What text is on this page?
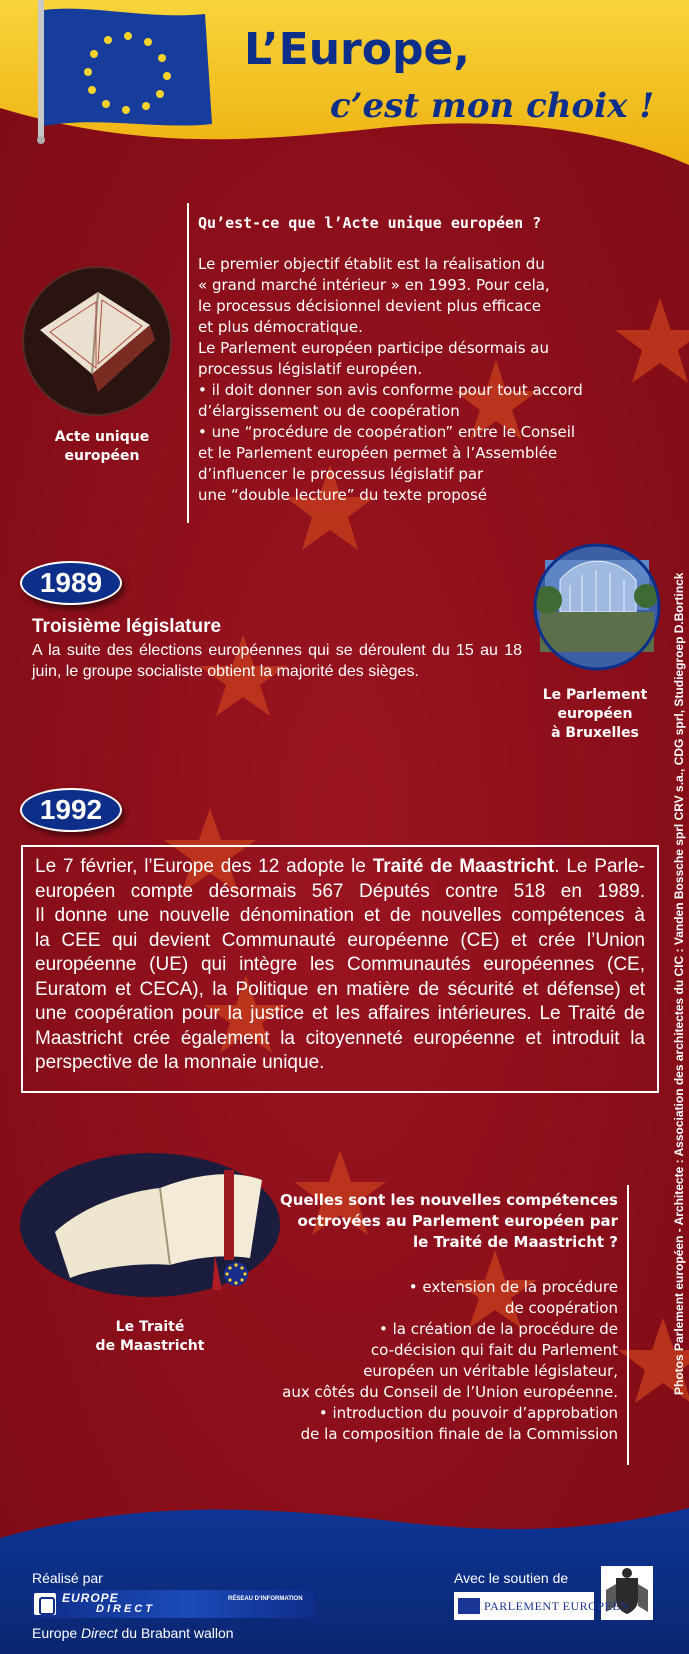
L’Europe,
c’est mon choix !
Qu’est-ce que l’Acte unique européen ?
Le premier objectif établit est la réalisation du
« grand marché intérieur » en 1993. Pour cela,
le processus décisionnel devient plus efficace
et plus démocratique.
Le Parlement européen participe désormais au
processus législatif européen.
• il doit donner son avis conforme pour tout accord
d’élargissement ou de coopération
• une “procédure de coopération” entre le Conseil
et le Parlement européen permet à l’Assemblée
d’influencer le processus législatif par
une “double lecture” du texte proposé
Acte unique
européen
1989
Troisième législature
A la suite des élections européennes qui se déroulent du 15 au 18 juin, le groupe socialiste obtient la majorité des sièges.
Le Parlement
européen
à Bruxelles
1992
Le 7 février, l’Europe des 12 adopte le Traité de Maastricht. Le Parle-
européen compte désormais 567 Députés contre 518 en 1989.
Il donne une nouvelle dénomination et de nouvelles compétences à
la CEE qui devient Communauté européenne (CE) et crée l’Union
européenne (UE) qui intègre les Communautés européennes (CE,
Euratom et CECA), la Politique en matière de sécurité et défense) et
une coopération pour la justice et les affaires intérieures. Le Traité de
Maastricht crée également la citoyenneté européenne et introduit la
perspective de la monnaie unique.
Quelles sont les nouvelles compétences
octroyées au Parlement européen par
le Traité de Maastricht ?
• extension de la procédure
de coopération
• la création de la procédure de
co-décision qui fait du Parlement
européen un véritable législateur,
aux côtés du Conseil de l’Union européenne.
• introduction du pouvoir d’approbation
de la composition finale de la Commission
Le Traité
de Maastricht	Photos Parlement européen - Architecte : Association des architectes du CIC : Vanden Bossche sprl CRV s.a., CDG sprl, Studiegroep D.Bortinck
Réalisé par
EUROPE
DIRECT
RÉSEAU D’INFORMATION
Europe Direct du Brabant wallon
Avec le soutien de
PARLEMENT EUROPEEN
